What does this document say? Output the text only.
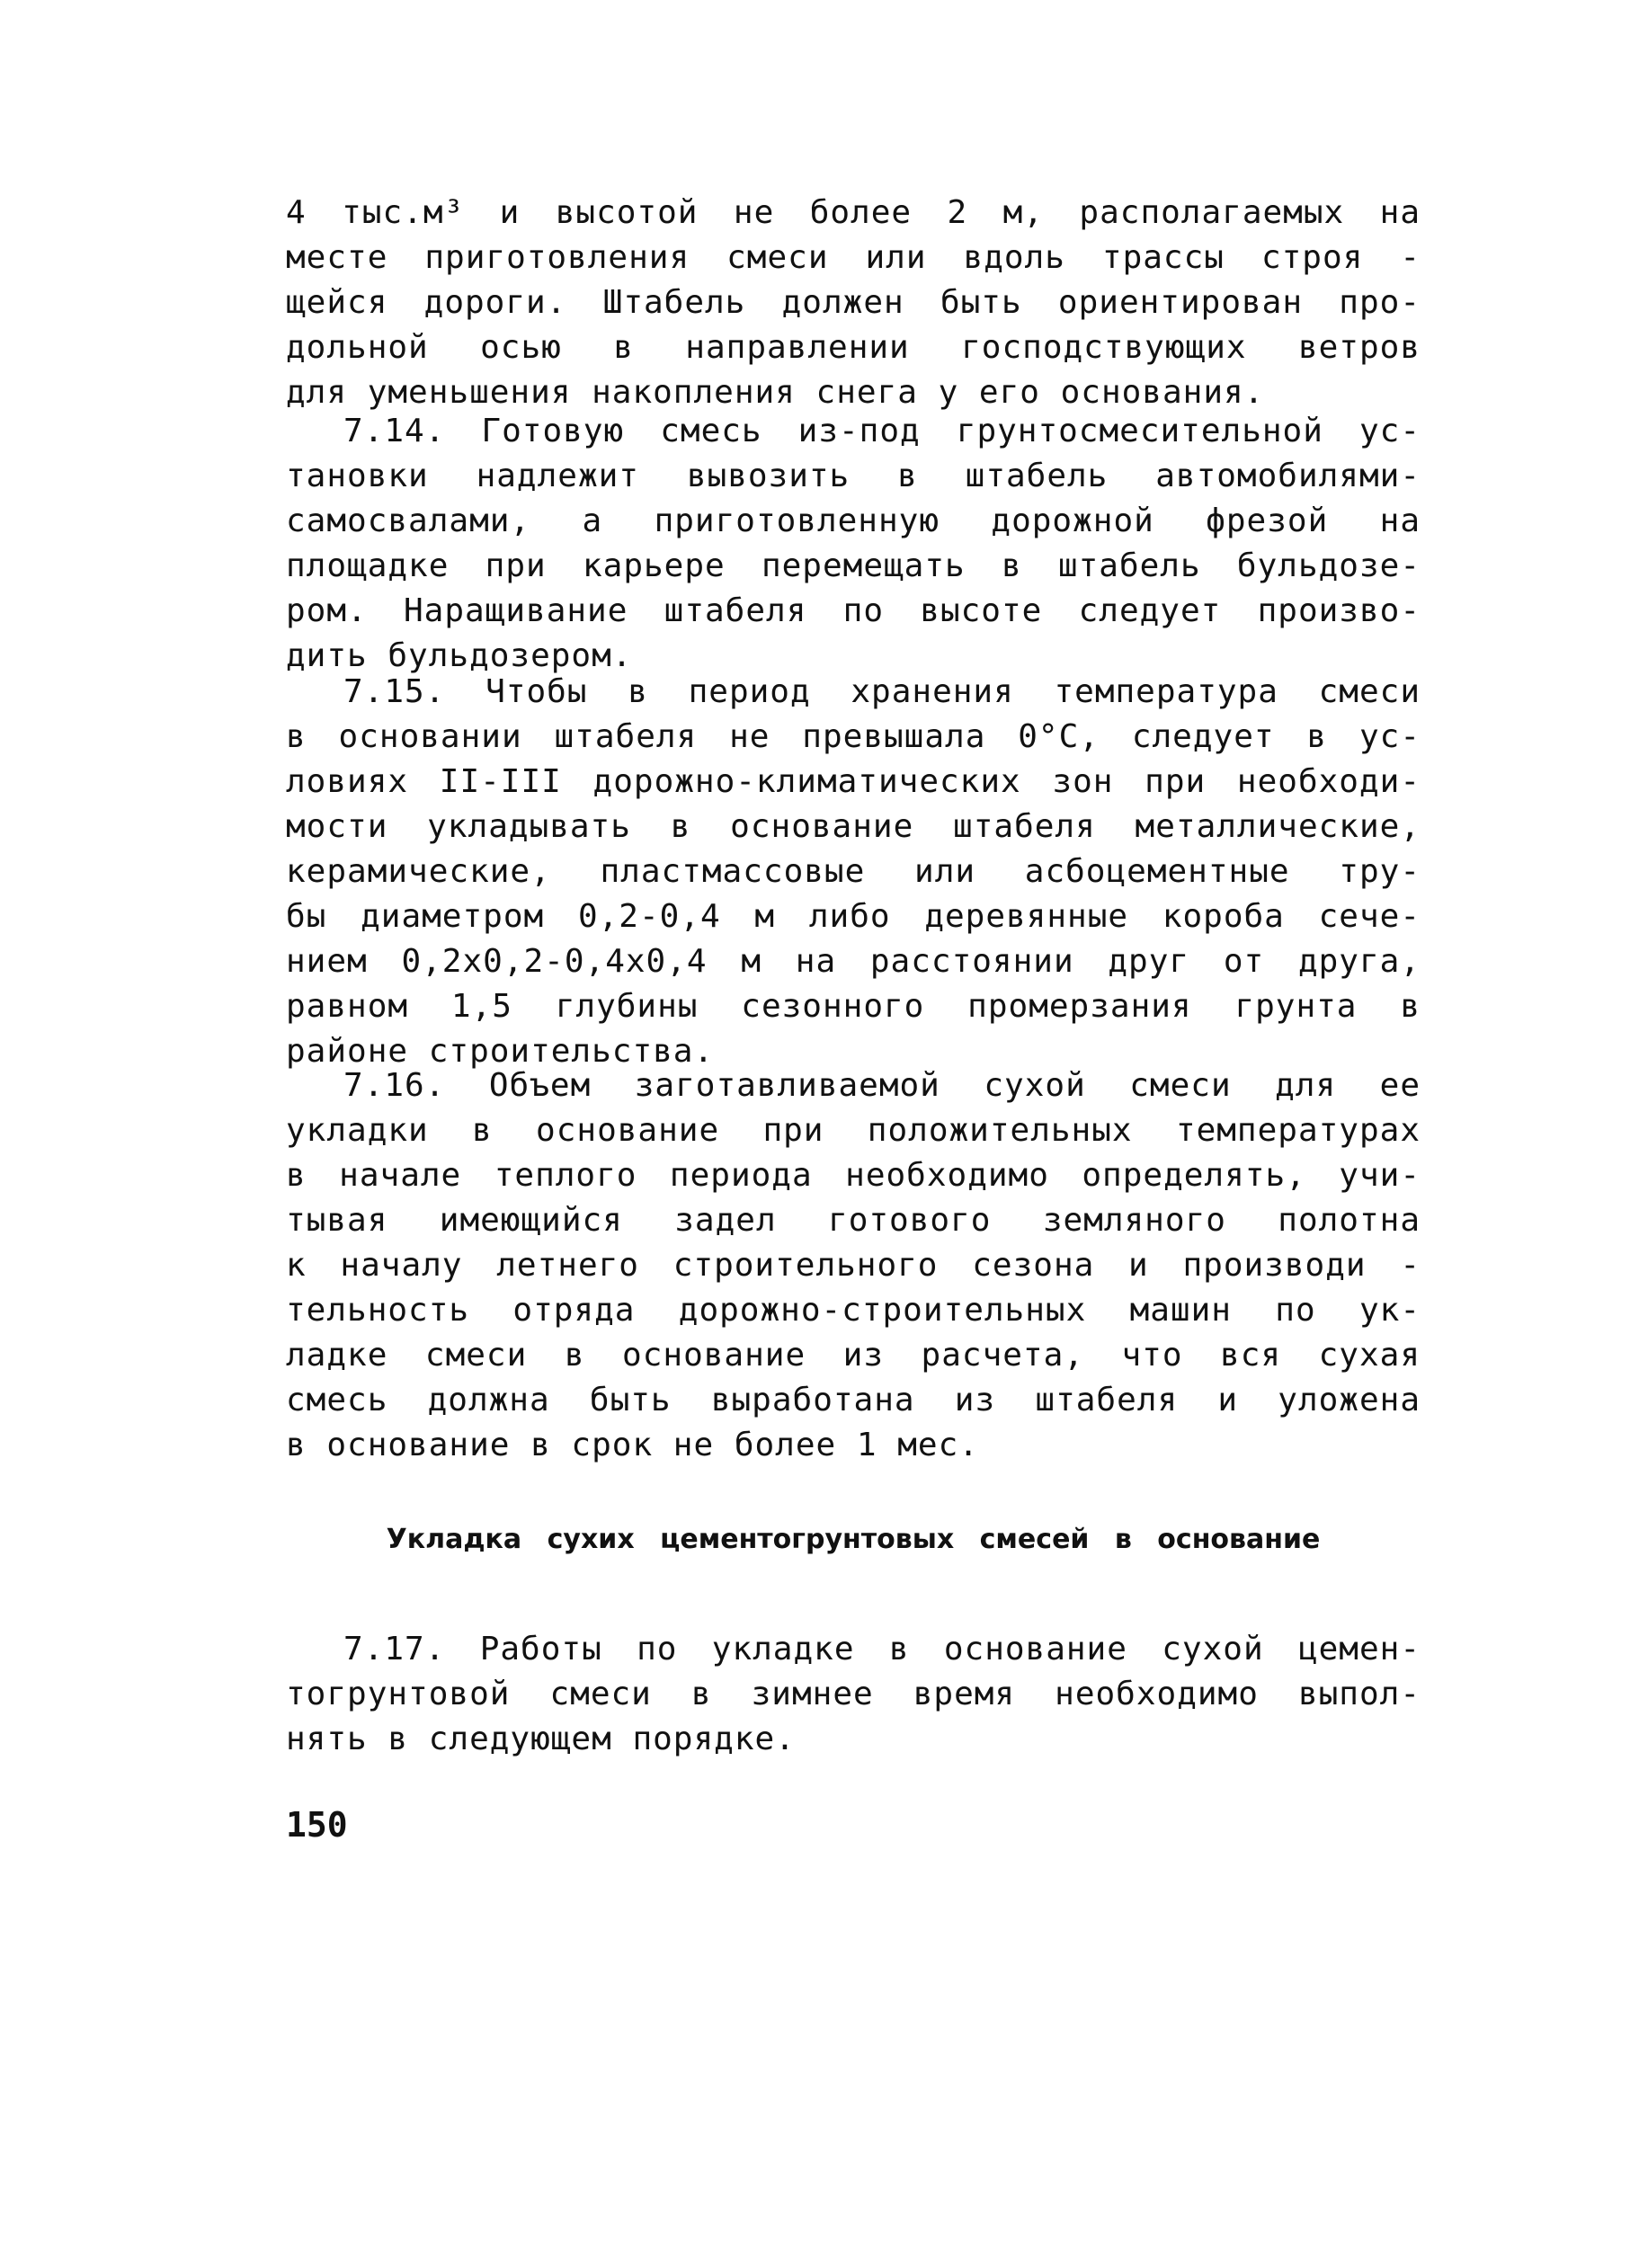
4 тыс.м³ и высотой не более 2 м, располагаемых на
месте приготовления смеси или вдоль трассы строя -
щейся дороги. Штабель должен быть ориентирован про-
дольной осью в направлении господствующих ветров
для уменьшения накопления снега у его основания.
7.14. Готовую смесь из-под грунтосмесительной ус-
тановки надлежит вывозить в штабель автомобилями-
самосвалами, а приготовленную дорожной фрезой на
площадке при карьере перемещать в штабель бульдозе-
ром. Наращивание штабеля по высоте следует произво-
дить бульдозером.
7.15. Чтобы в период хранения температура смеси
в основании штабеля не превышала 0°С, следует в ус-
ловиях II-III дорожно-климатических зон при необходи-
мости укладывать в основание штабеля металлические,
керамические, пластмассовые или асбоцементные тру-
бы диаметром 0,2-0,4 м либо деревянные короба сече-
нием 0,2х0,2-0,4х0,4 м на расстоянии друг от друга,
равном 1,5 глубины сезонного промерзания грунта в
районе строительства.
7.16. Объем заготавливаемой сухой смеси для ее
укладки в основание при положительных температурах
в начале теплого периода необходимо определять, учи-
тывая имеющийся задел готового земляного полотна
к началу летнего строительного сезона и производи -
тельность отряда дорожно-строительных машин по ук-
ладке смеси в основание из расчета, что вся сухая
смесь должна быть выработана из штабеля и уложена
в основание в срок не более 1 мес.
Укладка сухих цементогрунтовых смесей в основание
7.17. Работы по укладке в основание сухой цемен-
тогрунтовой смеси в зимнее время необходимо выпол-
нять в следующем порядке.
150
